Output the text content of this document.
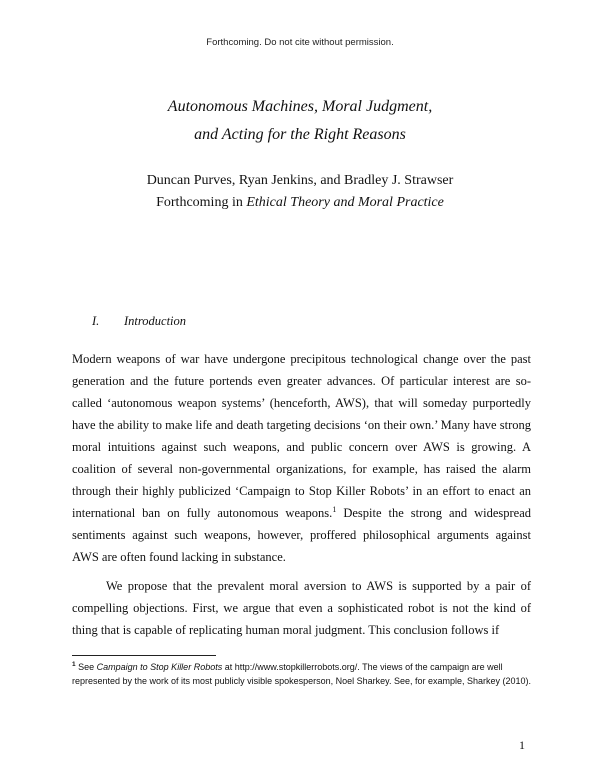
Forthcoming. Do not cite without permission.
Autonomous Machines, Moral Judgment,
and Acting for the Right Reasons
Duncan Purves, Ryan Jenkins, and Bradley J. Strawser
Forthcoming in Ethical Theory and Moral Practice
I. Introduction

Modern weapons of war have undergone precipitous technological change over the past generation and the future portends even greater advances. Of particular interest are so-called ‘autonomous weapon systems’ (henceforth, AWS), that will someday purportedly have the ability to make life and death targeting decisions ‘on their own.’ Many have strong moral intuitions against such weapons, and public concern over AWS is growing. A coalition of several non-governmental organizations, for example, has raised the alarm through their highly publicized ‘Campaign to Stop Killer Robots’ in an effort to enact an international ban on fully autonomous weapons.$^1$ Despite the strong and widespread sentiments against such weapons, however, proffered philosophical arguments against AWS are often found lacking in substance.

We propose that the prevalent moral aversion to AWS is supported by a pair of compelling objections. First, we argue that even a sophisticated robot is not the kind of thing that is capable of replicating human moral judgment. This conclusion follows if

$^1$ See Campaign to Stop Killer Robots at http://www.stopkillerrobots.org/. The views of the campaign are well represented by the work of its most publicly visible spokesperson, Noel Sharkey. See, for example, Sharkey (2010).

1
